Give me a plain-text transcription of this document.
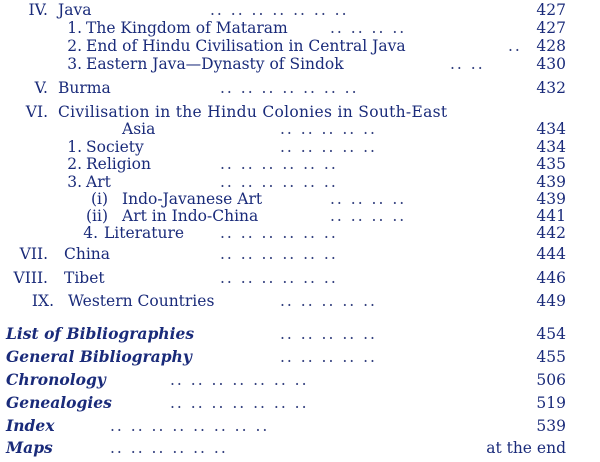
IV. Java	.. .. .. .. .. .. ..	427
1. The Kingdom of Mataram	.. .. .. ..	427
2. End of Hindu Civilisation in Central Java	.. 428
3. Eastern Java—Dynasty of Sindok	.. ..	430
V. Burma	.. .. .. .. .. .. ..	432
VI. Civilisation in the Hindu Colonies in South-East
Asia	.. .. .. .. ..	434
1. Society	.. .. .. .. ..	434
2. Religion	.. .. .. .. .. ..	435
3. Art	.. .. .. .. .. ..	439
(i) Indo-Javanese Art	.. .. .. ..	439
(ii) Art in Indo-China	.. .. .. ..	441
4. Literature .. .. .. .. .. ..	442
VII. China	.. .. .. .. .. ..	444
VIII. Tibet	.. .. .. .. .. ..	446
IX. Western Countries	.. .. .. .. ..	449
List of Bibliographies	.. .. .. .. ..	454
General Bibliography	.. .. .. .. ..	455
Chronology	.. .. .. .. .. .. ..	506
Genealogies	.. .. .. .. .. .. ..	519
Index	.. .. .. .. .. .. .. ..	539
Maps	.. .. .. .. .. ..	at the end
